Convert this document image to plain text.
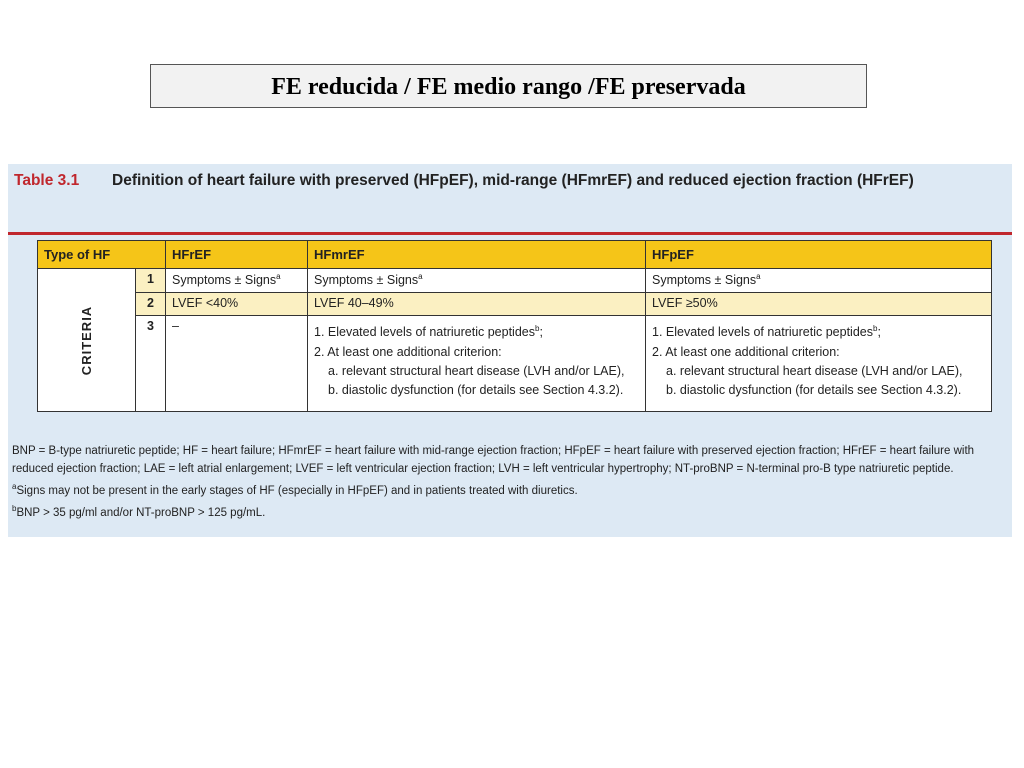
FE reducida / FE medio rango /FE preservada
Table 3.1 Definition of heart failure with preserved (HFpEF), mid-range (HFmrEF) and reduced ejection fraction (HFrEF)
Type of HF		HFrEF	HFmrEF	HFpEF
CRITERIA	1	Symptoms ± Signs$^a$	Symptoms ± Signs$^a$	Symptoms ± Signs$^a$
	2	LVEF <40%	LVEF 40–49%	LVEF ≥50%
	3	–	1. Elevated levels of natriuretic peptides$^b$;
2. At least one additional criterion:
a. relevant structural heart disease (LVH and/or LAE),
b. diastolic dysfunction (for details see Section 4.3.2).	1. Elevated levels of natriuretic peptides$^b$;
2. At least one additional criterion:
a. relevant structural heart disease (LVH and/or LAE),
b. diastolic dysfunction (for details see Section 4.3.2).

BNP = B-type natriuretic peptide; HF = heart failure; HFmrEF = heart failure with mid-range ejection fraction; HFpEF = heart failure with preserved ejection fraction; HFrEF = heart failure with reduced ejection fraction; LAE = left atrial enlargement; LVEF = left ventricular ejection fraction; LVH = left ventricular hypertrophy; NT-proBNP = N-terminal pro-B type natriuretic peptide.

$^a$Signs may not be present in the early stages of HF (especially in HFpEF) and in patients treated with diuretics.

$^b$BNP > 35 pg/ml and/or NT-proBNP > 125 pg/mL.
